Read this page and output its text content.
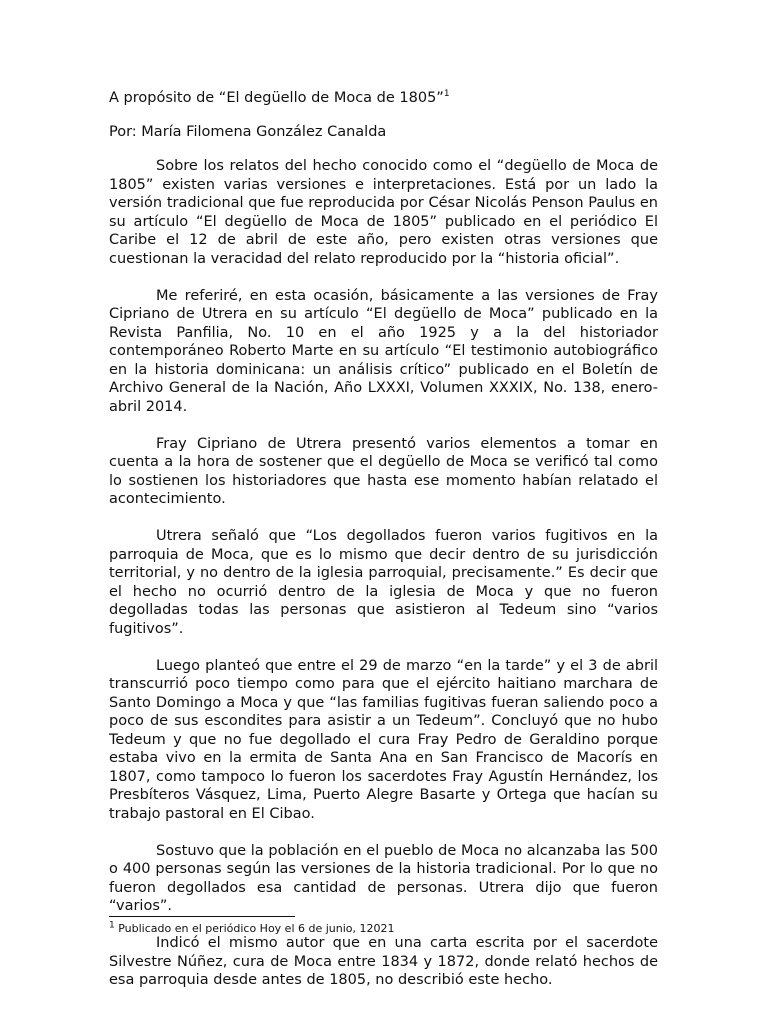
A propósito de “El degüello de Moca de 1805”$^1$
Por: María Filomena González Canalda

Sobre los relatos del hecho conocido como el “degüello de Moca de 1805” existen varias versiones e interpretaciones. Está por un lado la versión tradicional que fue reproducida por César Nicolás Penson Paulus en su artículo “El degüello de Moca de 1805” publicado en el periódico El Caribe el 12 de abril de este año, pero existen otras versiones que cuestionan la veracidad del relato reproducido por la “historia oficial”.

Me referiré, en esta ocasión, básicamente a las versiones de Fray Cipriano de Utrera en su artículo “El degüello de Moca” publicado en la Revista Panfilia, No. 10 en el año 1925 y a la del historiador contemporáneo Roberto Marte en su artículo “El testimonio autobiográfico en la historia dominicana: un análisis crítico” publicado en el Boletín de Archivo General de la Nación, Año LXXXI, Volumen XXXIX, No. 138, enero-abril 2014.

Fray Cipriano de Utrera presentó varios elementos a tomar en cuenta a la hora de sostener que el degüello de Moca se verificó tal como lo sostienen los historiadores que hasta ese momento habían relatado el acontecimiento.

Utrera señaló que “Los degollados fueron varios fugitivos en la parroquia de Moca, que es lo mismo que decir dentro de su jurisdicción territorial, y no dentro de la iglesia parroquial, precisamente.” Es decir que el hecho no ocurrió dentro de la iglesia de Moca y que no fueron degolladas todas las personas que asistieron al Tedeum sino “varios fugitivos”.

Luego planteó que entre el 29 de marzo “en la tarde” y el 3 de abril transcurrió poco tiempo como para que el ejército haitiano marchara de Santo Domingo a Moca y que “las familias fugitivas fueran saliendo poco a poco de sus escondites para asistir a un Tedeum”. Concluyó que no hubo Tedeum y que no fue degollado el cura Fray Pedro de Geraldino porque estaba vivo en la ermita de Santa Ana en San Francisco de Macorís en 1807, como tampoco lo fueron los sacerdotes Fray Agustín Hernández, los Presbíteros Vásquez, Lima, Puerto Alegre Basarte y Ortega que hacían su trabajo pastoral en El Cibao.

Sostuvo que la población en el pueblo de Moca no alcanzaba las 500 o 400 personas según las versiones de la historia tradicional. Por lo que no fueron degollados esa cantidad de personas. Utrera dijo que fueron “varios”.

Indicó el mismo autor que en una carta escrita por el sacerdote Silvestre Núñez, cura de Moca entre 1834 y 1872, donde relató hechos de esa parroquia desde antes de 1805, no describió este hecho.

$^1$ Publicado en el periódico Hoy el 6 de junio, 12021
